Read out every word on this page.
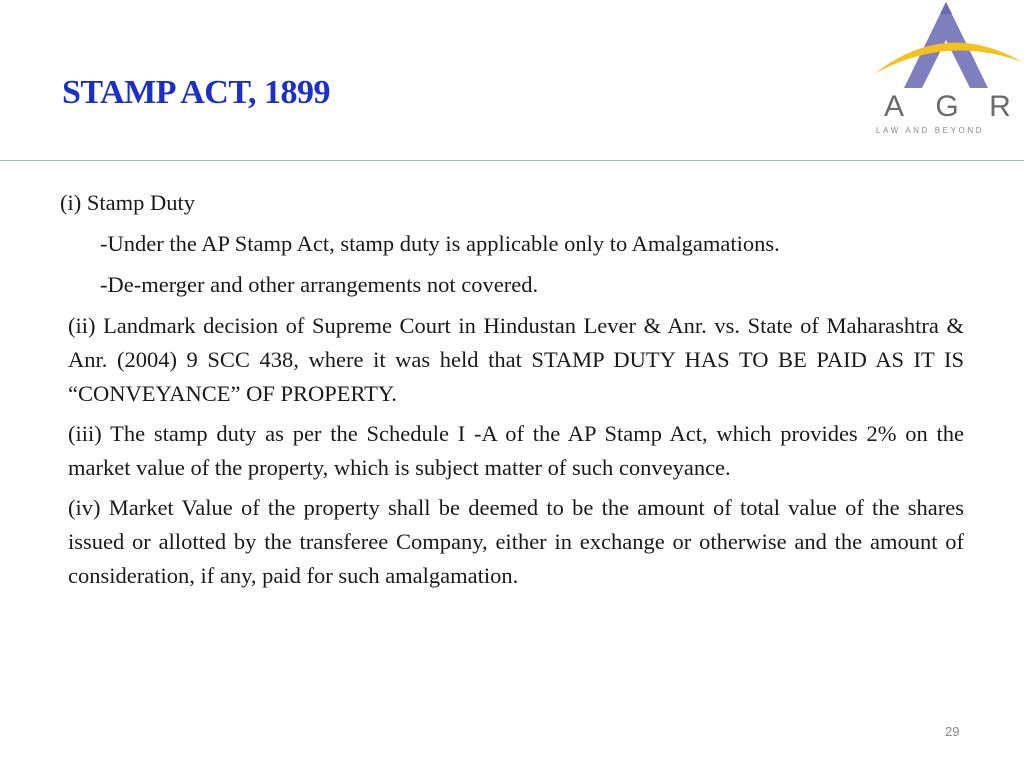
STAMP ACT, 1899	A	G	R
LAW AND BEYOND

(i) Stamp Duty

-Under the AP Stamp Act, stamp duty is applicable only to Amalgamations.

-De-merger and other arrangements not covered.

(ii) Landmark decision of Supreme Court in Hindustan Lever & Anr. vs. State of Maharashtra & Anr. (2004) 9 SCC 438, where it was held that STAMP DUTY HAS TO BE PAID AS IT IS “CONVEYANCE” OF PROPERTY.

(iii) The stamp duty as per the Schedule I -A of the AP Stamp Act, which provides 2% on the market value of the property, which is subject matter of such conveyance.

(iv) Market Value of the property shall be deemed to be the amount of total value of the shares issued or allotted by the transferee Company, either in exchange or otherwise and the amount of consideration, if any, paid for such amalgamation.

29
